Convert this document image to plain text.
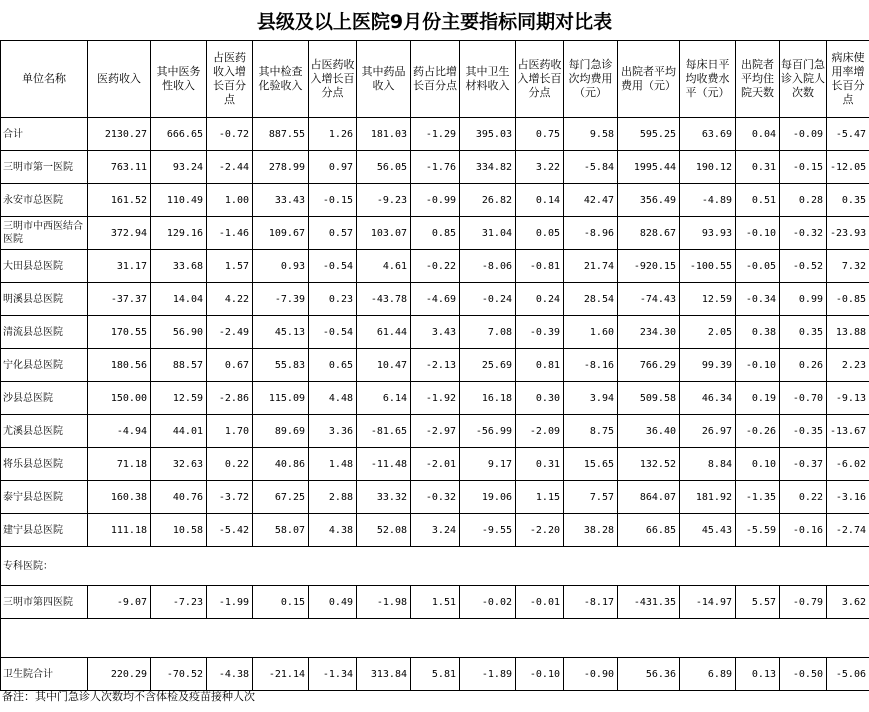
县级及以上医院9月份主要指标同期对比表
单位名称	医药收入	其中医务性收入	占医药收入增长百分点	其中检查化验收入	占医药收入增长百分点	其中药品收入	药占比增长百分点	其中卫生材料收入	占医药收入增长百分点	每门急诊次均费用（元）	出院者平均费用（元）	每床日平均收费水平（元）	出院者平均住院天数	每百门急诊入院人次数	病床使用率增长百分点
合计	2130.27	666.65	-0.72	887.55	1.26	181.03	-1.29	395.03	0.75	9.58	595.25	63.69	0.04	-0.09	-5.47
三明市第一医院	763.11	93.24	-2.44	278.99	0.97	56.05	-1.76	334.82	3.22	-5.84	1995.44	190.12	0.31	-0.15	-12.05
永安市总医院	161.52	110.49	1.00	33.43	-0.15	-9.23	-0.99	26.82	0.14	42.47	356.49	-4.89	0.51	0.28	0.35
三明市中西医结合医院	372.94	129.16	-1.46	109.67	0.57	103.07	0.85	31.04	0.05	-8.96	828.67	93.93	-0.10	-0.32	-23.93
大田县总医院	31.17	33.68	1.57	0.93	-0.54	4.61	-0.22	-8.06	-0.81	21.74	-920.15	-100.55	-0.05	-0.52	7.32
明溪县总医院	-37.37	14.04	4.22	-7.39	0.23	-43.78	-4.69	-0.24	0.24	28.54	-74.43	12.59	-0.34	0.99	-0.85
清流县总医院	170.55	56.90	-2.49	45.13	-0.54	61.44	3.43	7.08	-0.39	1.60	234.30	2.05	0.38	0.35	13.88
宁化县总医院	180.56	88.57	0.67	55.83	0.65	10.47	-2.13	25.69	0.81	-8.16	766.29	99.39	-0.10	0.26	2.23
沙县总医院	150.00	12.59	-2.86	115.09	4.48	6.14	-1.92	16.18	0.30	3.94	509.58	46.34	0.19	-0.70	-9.13
尤溪县总医院	-4.94	44.01	1.70	89.69	3.36	-81.65	-2.97	-56.99	-2.09	8.75	36.40	26.97	-0.26	-0.35	-13.67
将乐县总医院	71.18	32.63	0.22	40.86	1.48	-11.48	-2.01	9.17	0.31	15.65	132.52	8.84	0.10	-0.37	-6.02
泰宁县总医院	160.38	40.76	-3.72	67.25	2.88	33.32	-0.32	19.06	1.15	7.57	864.07	181.92	-1.35	0.22	-3.16
建宁县总医院	111.18	10.58	-5.42	58.07	4.38	52.08	3.24	-9.55	-2.20	38.28	66.85	45.43	-5.59	-0.16	-2.74
专科医院：															
三明市第四医院	-9.07	-7.23	-1.99	0.15	0.49	-1.98	1.51	-0.02	-0.01	-8.17	-431.35	-14.97	5.57	-0.79	3.62

卫生院合计	220.29	-70.52	-4.38	-21.14	-1.34	313.84	5.81	-1.89	-0.10	-0.90	56.36	6.89	0.13	-0.50	-5.06
备注：其中门急诊人次数均不含体检及疫苗接种人次
